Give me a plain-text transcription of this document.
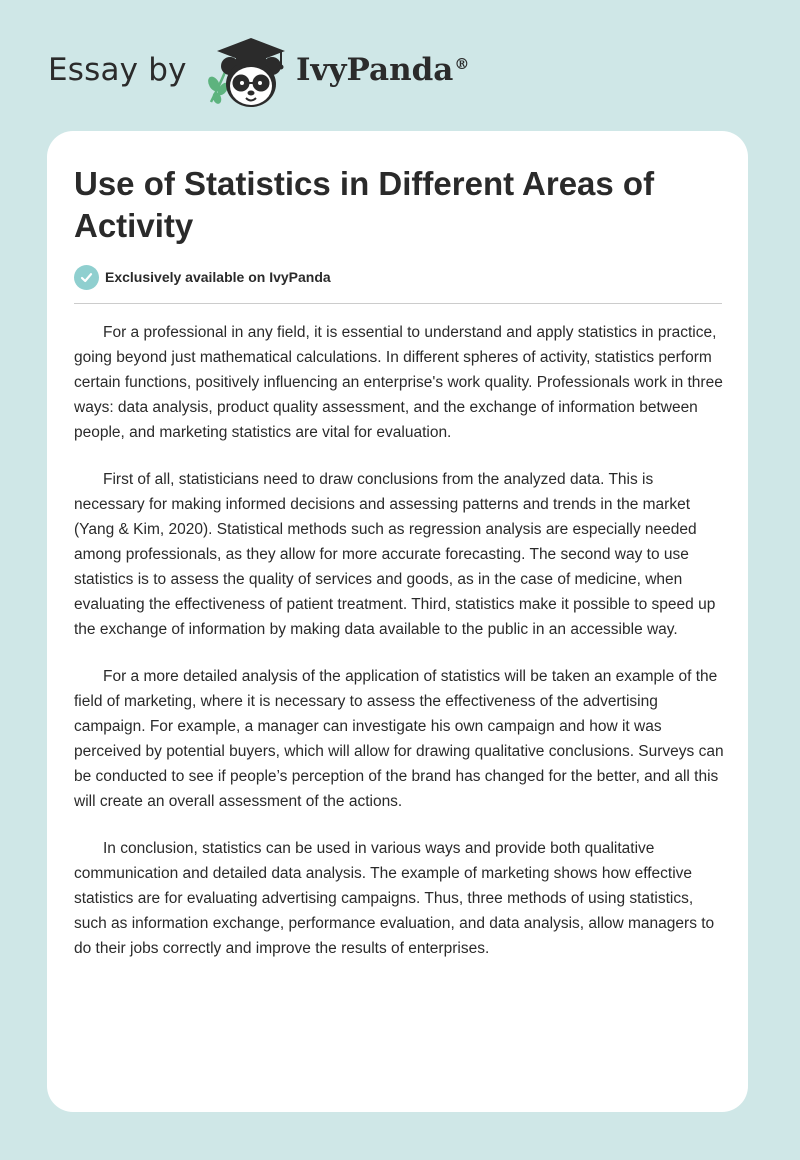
Essay by	IvyPanda®
Use of Statistics in Different Areas of Activity
Exclusively available on IvyPanda

For a professional in any field, it is essential to understand and apply statistics in practice, going beyond just mathematical calculations. In different spheres of activity, statistics perform certain functions, positively influencing an enterprise's work quality. Professionals work in three ways: data analysis, product quality assessment, and the exchange of information between people, and marketing statistics are vital for evaluation.

First of all, statisticians need to draw conclusions from the analyzed data. This is necessary for making informed decisions and assessing patterns and trends in the market (Yang & Kim, 2020). Statistical methods such as regression analysis are especially needed among professionals, as they allow for more accurate forecasting. The second way to use statistics is to assess the quality of services and goods, as in the case of medicine, when evaluating the effectiveness of patient treatment. Third, statistics make it possible to speed up the exchange of information by making data available to the public in an accessible way.

For a more detailed analysis of the application of statistics will be taken an example of the field of marketing, where it is necessary to assess the effectiveness of the advertising campaign. For example, a manager can investigate his own campaign and how it was perceived by potential buyers, which will allow for drawing qualitative conclusions. Surveys can be conducted to see if people’s perception of the brand has changed for the better, and all this will create an overall assessment of the actions.

In conclusion, statistics can be used in various ways and provide both qualitative communication and detailed data analysis. The example of marketing shows how effective statistics are for evaluating advertising campaigns. Thus, three methods of using statistics, such as information exchange, performance evaluation, and data analysis, allow managers to do their jobs correctly and improve the results of enterprises.
